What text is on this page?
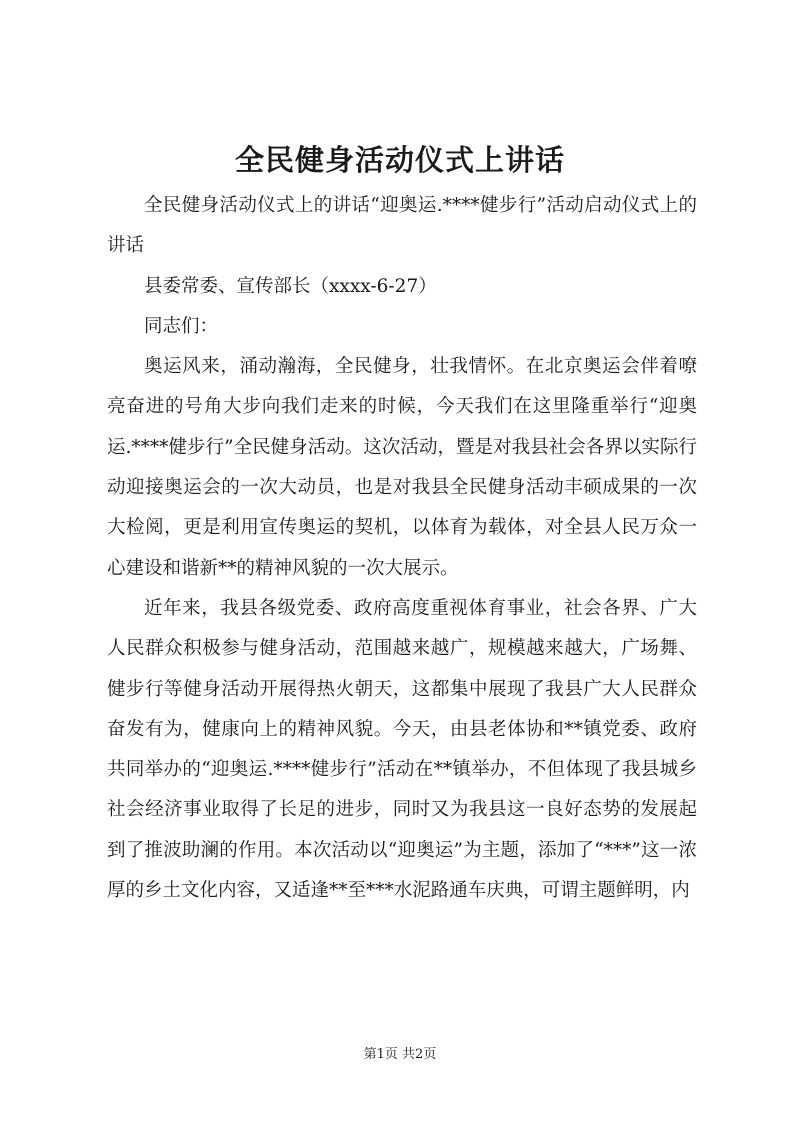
全民健身活动仪式上讲话

全民健身活动仪式上的讲话“迎奥运.****健步行”活动启动仪式上的讲话

县委常委、宣传部长（xxxx-6-27）

同志们：

奥运风来，涌动瀚海，全民健身，壮我情怀。在北京奥运会伴着嘹亮奋进的号角大步向我们走来的时候，今天我们在这里隆重举行“迎奥运.****健步行”全民健身活动。这次活动，暨是对我县社会各界以实际行动迎接奥运会的一次大动员，也是对我县全民健身活动丰硕成果的一次大检阅，更是利用宣传奥运的契机，以体育为载体，对全县人民万众一心建设和谐新**的精神风貌的一次大展示。

近年来，我县各级党委、政府高度重视体育事业，社会各界、广大人民群众积极参与健身活动，范围越来越广，规模越来越大，广场舞、健步行等健身活动开展得热火朝天，这都集中展现了我县广大人民群众奋发有为，健康向上的精神风貌。今天，由县老体协和**镇党委、政府共同举办的“迎奥运.****健步行”活动在**镇举办，不但体现了我县城乡社会经济事业取得了长足的进步，同时又为我县这一良好态势的发展起到了推波助澜的作用。本次活动以“迎奥运”为主题，添加了“***”这一浓厚的乡土文化内容，又适逢**至***水泥路通车庆典，可谓主题鲜明，内

第1页 共2页
